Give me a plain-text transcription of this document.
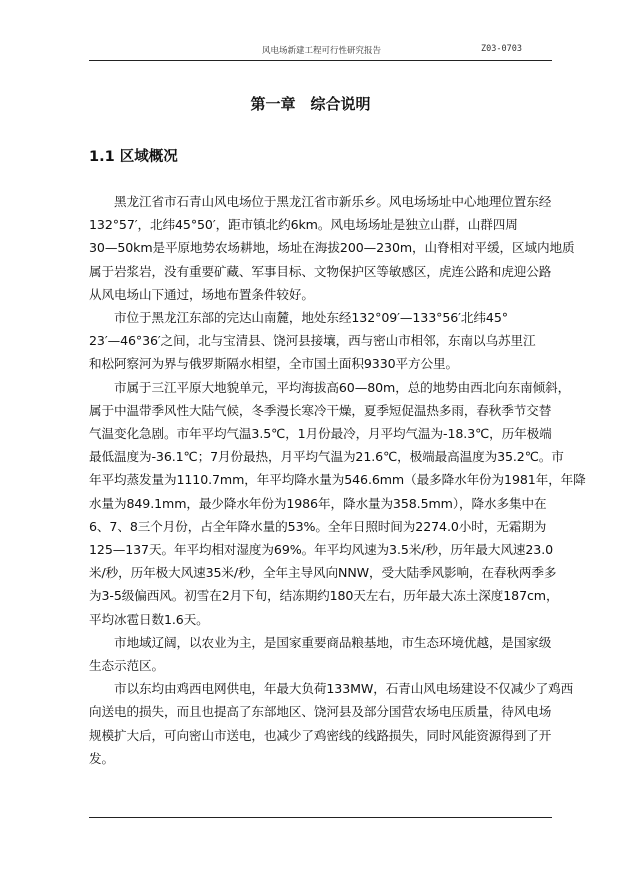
风电场新建工程可行性研究报告	Z03-0703
第一章　综合说明
1.1 区域概况

黑龙江省市石青山风电场位于黑龙江省市新乐乡。风电场场址中心地理位置东经

132°57′，北纬45°50′，距市镇北约6km。风电场场址是独立山群，山群四周

30—50km是平原地势农场耕地，场址在海拔200—230m，山脊相对平缓，区域内地质

属于岩浆岩，没有重要矿藏、军事目标、文物保护区等敏感区，虎连公路和虎迎公路

从风电场山下通过，场地布置条件较好。

市位于黑龙江东部的完达山南麓，地处东经132°09′—133°56′北纬45°

23′—46°36′之间，北与宝清县、饶河县接壤，西与密山市相邻，东南以乌苏里江

和松阿察河为界与俄罗斯隔水相望，全市国土面积9330平方公里。

市属于三江平原大地貌单元，平均海拔高60—80m，总的地势由西北向东南倾斜，

属于中温带季风性大陆气候，冬季漫长寒冷干燥，夏季短促温热多雨，春秋季节交替

气温变化急剧。市年平均气温3.5℃，1月份最冷，月平均气温为-18.3℃，历年极端

最低温度为-36.1℃；7月份最热，月平均气温为21.6℃，极端最高温度为35.2℃。市

年平均蒸发量为1110.7mm，年平均降水量为546.6mm（最多降水年份为1981年，年降

水量为849.1mm，最少降水年份为1986年，降水量为358.5mm），降水多集中在

6、7、8三个月份，占全年降水量的53%。全年日照时间为2274.0小时，无霜期为

125—137天。年平均相对湿度为69%。年平均风速为3.5米/秒，历年最大风速23.0

米/秒，历年极大风速35米/秒，全年主导风向NNW，受大陆季风影响，在春秋两季多

为3-5级偏西风。初雪在2月下旬，结冻期约180天左右，历年最大冻土深度187cm，

平均冰雹日数1.6天。

市地域辽阔，以农业为主，是国家重要商品粮基地，市生态环境优越，是国家级

生态示范区。

市以东均由鸡西电网供电，年最大负荷133MW，石青山风电场建设不仅减少了鸡西

向送电的损失，而且也提高了东部地区、饶河县及部分国营农场电压质量，待风电场

规模扩大后，可向密山市送电，也减少了鸡密线的线路损失，同时风能资源得到了开

发。
